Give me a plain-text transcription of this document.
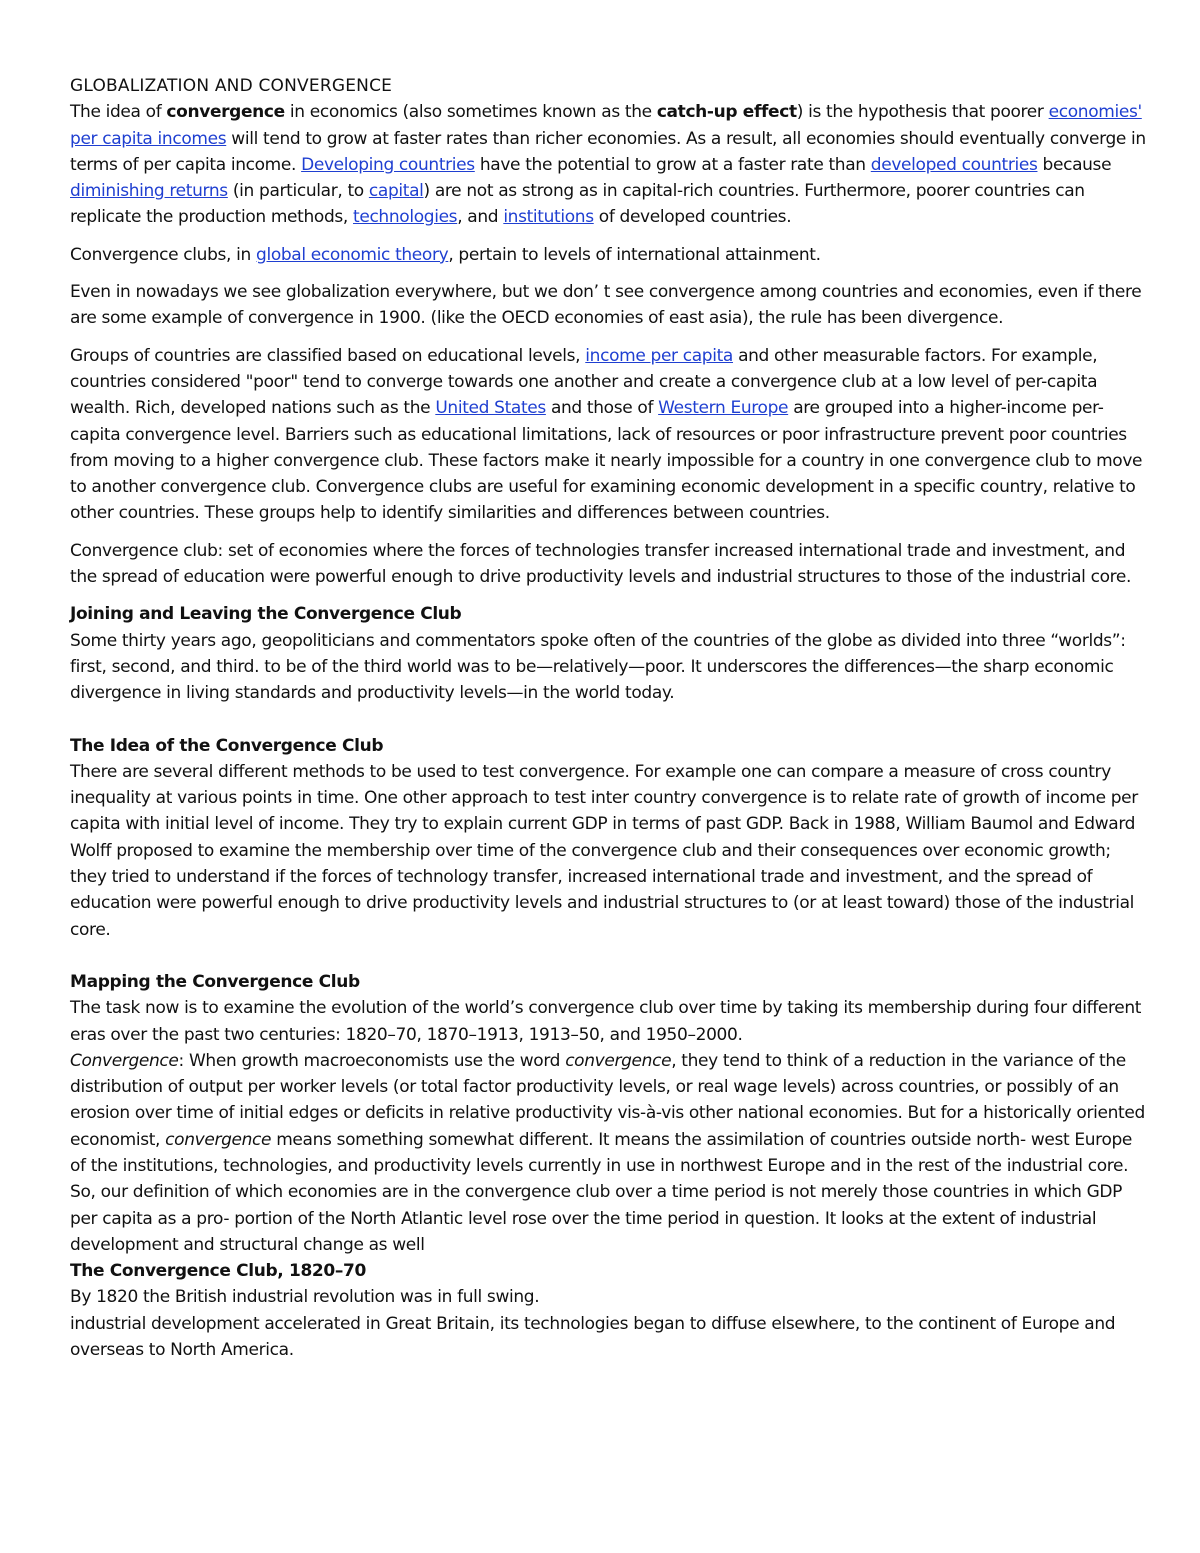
GLOBALIZATION AND CONVERGENCE

The idea of convergence in economics (also sometimes known as the catch-up effect) is the hypothesis that poorer economies' per capita incomes will tend to grow at faster rates than richer economies. As a result, all economies should eventually converge in terms of per capita income. Developing countries have the potential to grow at a faster rate than developed countries because diminishing returns (in particular, to capital) are not as strong as in capital-rich countries. Furthermore, poorer countries can replicate the production methods, technologies, and institutions of developed countries.

Convergence clubs, in global economic theory, pertain to levels of international attainment.

Even in nowadays we see globalization everywhere, but we don’ t see convergence among countries and economies, even if there are some example of convergence in 1900. (like the OECD economies of east asia), the rule has been divergence.

Groups of countries are classified based on educational levels, income per capita and other measurable factors. For example, countries considered "poor" tend to converge towards one another and create a convergence club at a low level of per-capita wealth. Rich, developed nations such as the United States and those of Western Europe are grouped into a higher-income per-capita convergence level. Barriers such as educational limitations, lack of resources or poor infrastructure prevent poor countries from moving to a higher convergence club. These factors make it nearly impossible for a country in one convergence club to move to another convergence club. Convergence clubs are useful for examining economic development in a specific country, relative to other countries. These groups help to identify similarities and differences between countries.

Convergence club: set of economies where the forces of technologies transfer increased international trade and investment, and the spread of education were powerful enough to drive productivity levels and industrial structures to those of the industrial core.

Joining and Leaving the Convergence Club

Some thirty years ago, geopoliticians and commentators spoke often of the countries of the globe as divided into three “worlds”: first, second, and third. to be of the third world was to be—relatively—poor. It underscores the differences—the sharp economic divergence in living standards and productivity levels—in the world today.

The Idea of the Convergence Club

There are several different methods to be used to test convergence. For example one can compare a measure of cross country inequality at various points in time. One other approach to test inter country convergence is to relate rate of growth of income per capita with initial level of income. They try to explain current GDP in terms of past GDP. Back in 1988, William Baumol and Edward Wolff proposed to examine the membership over time of the convergence club and their consequences over economic growth; they tried to understand if the forces of technology transfer, increased international trade and investment, and the spread of education were powerful enough to drive productivity levels and industrial structures to (or at least toward) those of the industrial core.

Mapping the Convergence Club

The task now is to examine the evolution of the world’s convergence club over time by taking its membership during four different eras over the past two centuries: 1820–70, 1870–1913, 1913–50, and 1950–2000.

Convergence: When growth macroeconomists use the word convergence, they tend to think of a reduction in the variance of the distribution of output per worker levels (or total factor productivity levels, or real wage levels) across countries, or possibly of an erosion over time of initial edges or deficits in relative productivity vis-à-vis other national economies. But for a historically oriented economist, convergence means something somewhat different. It means the assimilation of countries outside north- west Europe of the institutions, technologies, and productivity levels currently in use in northwest Europe and in the rest of the industrial core.

So, our definition of which economies are in the convergence club over a time period is not merely those countries in which GDP per capita as a pro- portion of the North Atlantic level rose over the time period in question. It looks at the extent of industrial development and structural change as well

The Convergence Club, 1820–70

By 1820 the British industrial revolution was in full swing.

industrial development accelerated in Great Britain, its technologies began to diffuse elsewhere, to the continent of Europe and overseas to North America.
